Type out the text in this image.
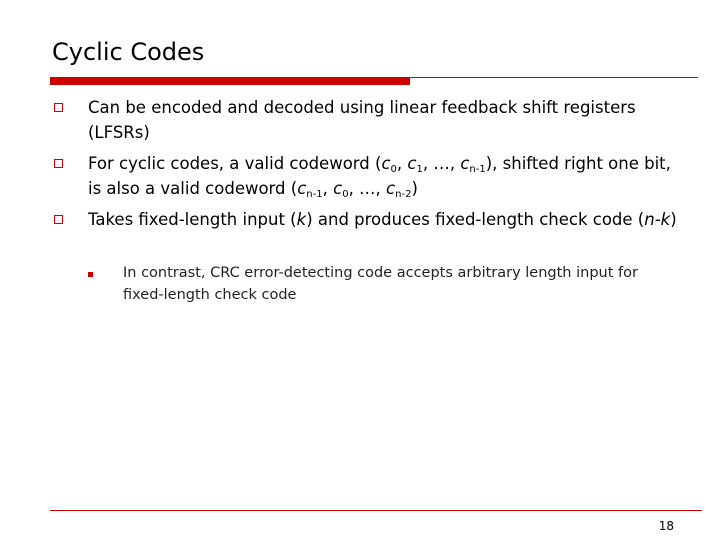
Cyclic Codes
Can be encoded and decoded using linear feedback shift registers (LFSRs)
For cyclic codes, a valid codeword ($c_0$, $c_1$, …, $c_{n-1}$), shifted right one bit, is also a valid codeword ($c_{n-1}$, $c_0$, …, $c_{n-2}$)
Takes fixed-length input (k) and produces fixed-length check code (n-k)
In contrast, CRC error-detecting code accepts arbitrary length input for fixed-length check code
18
